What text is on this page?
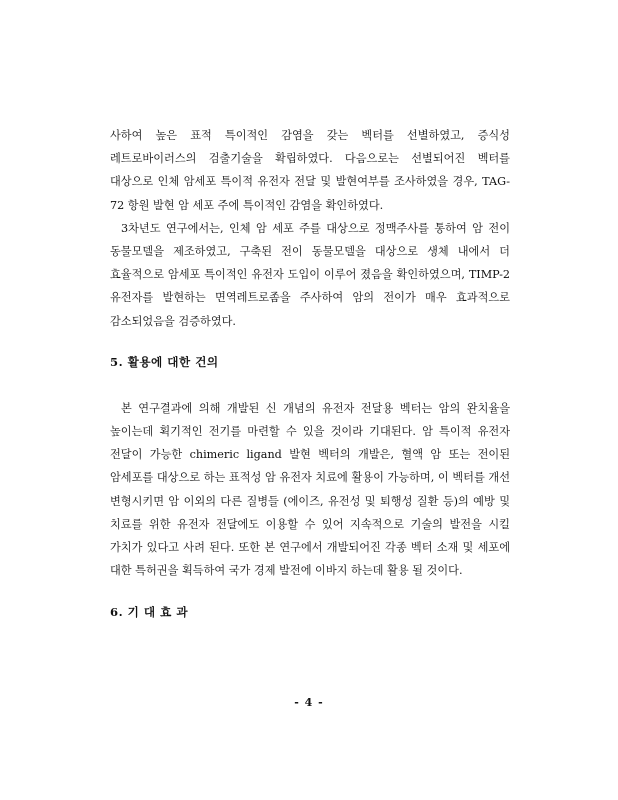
사하여 높은 표적 특이적인 감염을 갖는 벡터를 선별하였고, 증식성 레트로바이러스의 검출기술을 확립하였다. 다음으로는 선별되어진 벡터를 대상으로 인체 암세포 특이적 유전자 전달 및 발현여부를 조사하였을 경우, TAG-72 항원 발현 암 세포 주에 특이적인 감염을 확인하였다.

3차년도 연구에서는, 인체 암 세포 주를 대상으로 정맥주사를 통하여 암 전이 동물모델을 제조하였고, 구축된 전이 동물모델을 대상으로 생체 내에서 더 효율적으로 암세포 특이적인 유전자 도입이 이루어 졌음을 확인하였으며, TIMP-2 유전자를 발현하는 면역레트로좀을 주사하여 암의 전이가 매우 효과적으로 감소되었음을 검증하였다.

5. 활용에 대한 건의

본 연구결과에 의해 개발된 신 개념의 유전자 전달용 벡터는 암의 완치율을 높이는데 획기적인 전기를 마련할 수 있을 것이라 기대된다. 암 특이적 유전자 전달이 가능한 chimeric ligand 발현 벡터의 개발은, 혈액 암 또는 전이된 암세포를 대상으로 하는 표적성 암 유전자 치료에 활용이 가능하며, 이 벡터를 개선 변형시키면 암 이외의 다른 질병들 (에이즈, 유전성 및 퇴행성 질환 등)의 예방 및 치료를 위한 유전자 전달에도 이용할 수 있어 지속적으로 기술의 발전을 시킬 가치가 있다고 사려 된다. 또한 본 연구에서 개발되어진 각종 벡터 소재 및 세포에 대한 특허권을 획득하여 국가 경제 발전에 이바지 하는데 활용 될 것이다.

6. 기 대 효 과
- 4 -
